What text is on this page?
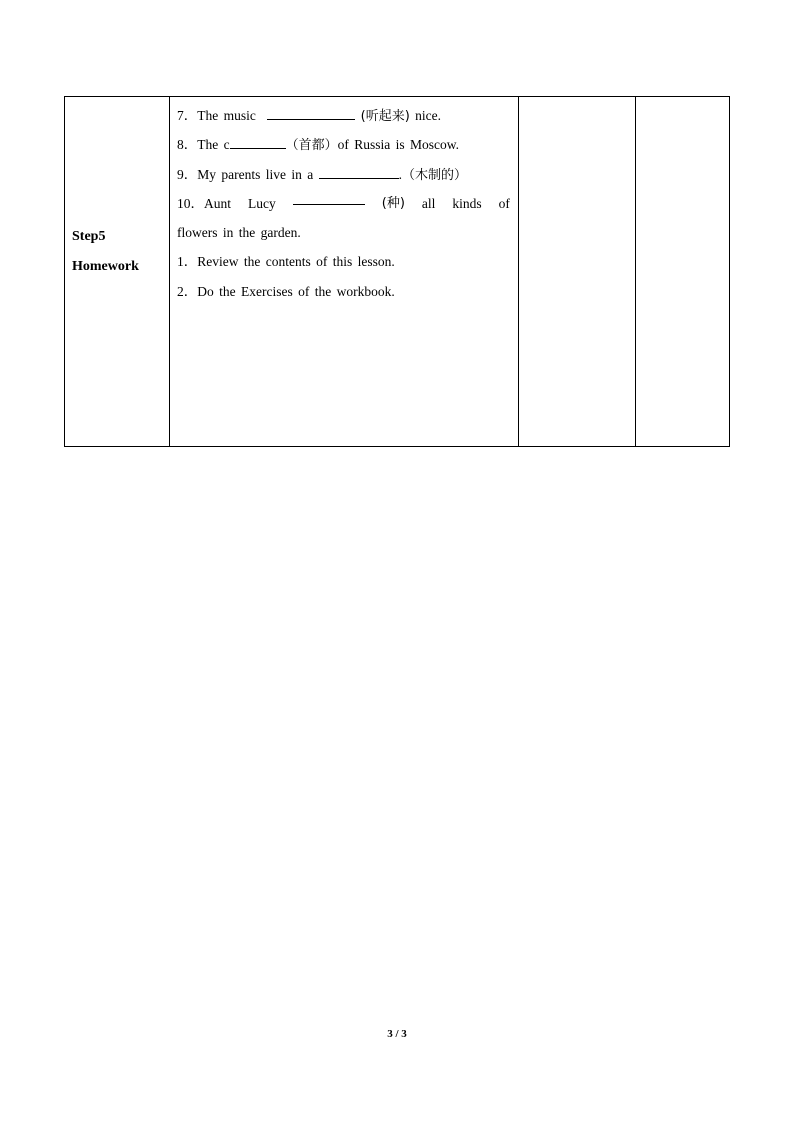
Step5
Homework

7．The music	(听起来) nice.
8．The c	（首都）of Russia is Moscow.
9．My parents live in a	.（木制的）
10．Aunt Lucy	(种) all kinds of
flowers in the garden.
1．Review the contents of this lesson.
2．Do the Exercises of the workbook.

3 / 3
